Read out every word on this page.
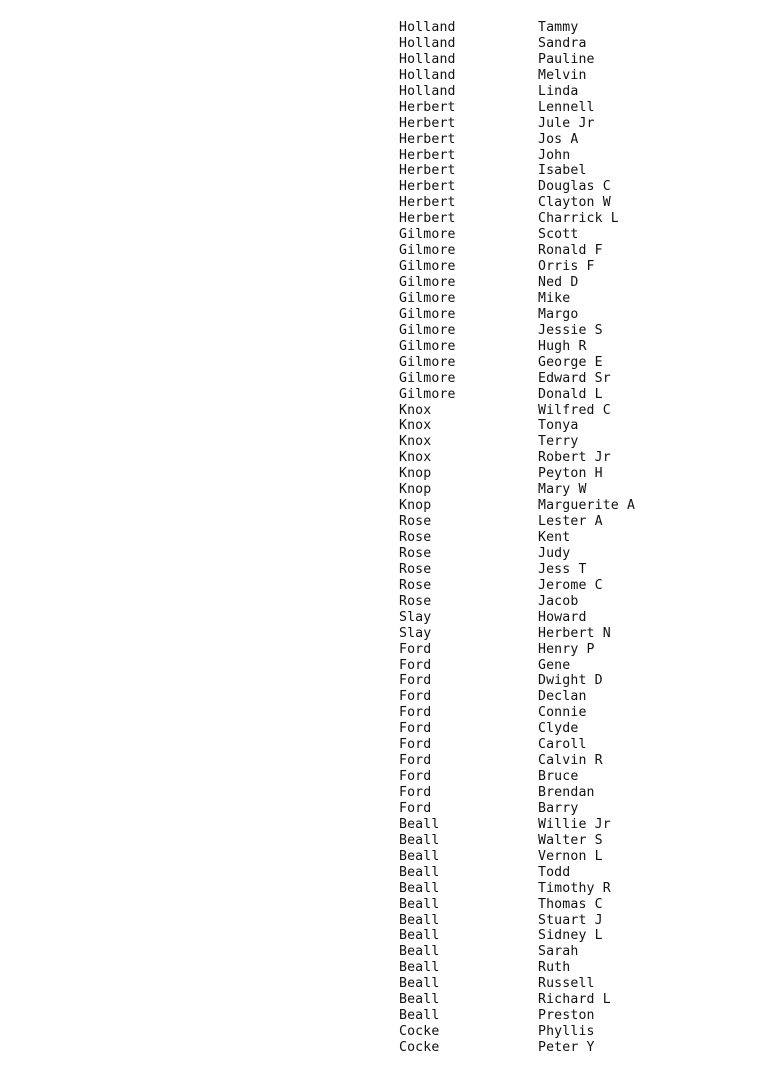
Holland	Tammy
Holland	Sandra
Holland	Pauline
Holland	Melvin
Holland	Linda
Herbert	Lennell
Herbert	Jule Jr
Herbert	Jos A
Herbert	John
Herbert	Isabel
Herbert	Douglas C
Herbert	Clayton W
Herbert	Charrick L
Gilmore	Scott
Gilmore	Ronald F
Gilmore	Orris F
Gilmore	Ned D
Gilmore	Mike
Gilmore	Margo
Gilmore	Jessie S
Gilmore	Hugh R
Gilmore	George E
Gilmore	Edward Sr
Gilmore	Donald L
Knox	Wilfred C
Knox	Tonya
Knox	Terry
Knox	Robert Jr
Knop	Peyton H
Knop	Mary W
Knop	Marguerite A
Rose	Lester A
Rose	Kent
Rose	Judy
Rose	Jess T
Rose	Jerome C
Rose	Jacob
Slay	Howard
Slay	Herbert N
Ford	Henry P
Ford	Gene
Ford	Dwight D
Ford	Declan
Ford	Connie
Ford	Clyde
Ford	Caroll
Ford	Calvin R
Ford	Bruce
Ford	Brendan
Ford	Barry
Beall	Willie Jr
Beall	Walter S
Beall	Vernon L
Beall	Todd
Beall	Timothy R
Beall	Thomas C
Beall	Stuart J
Beall	Sidney L
Beall	Sarah
Beall	Ruth
Beall	Russell
Beall	Richard L
Beall	Preston
Cocke	Phyllis
Cocke	Peter Y
